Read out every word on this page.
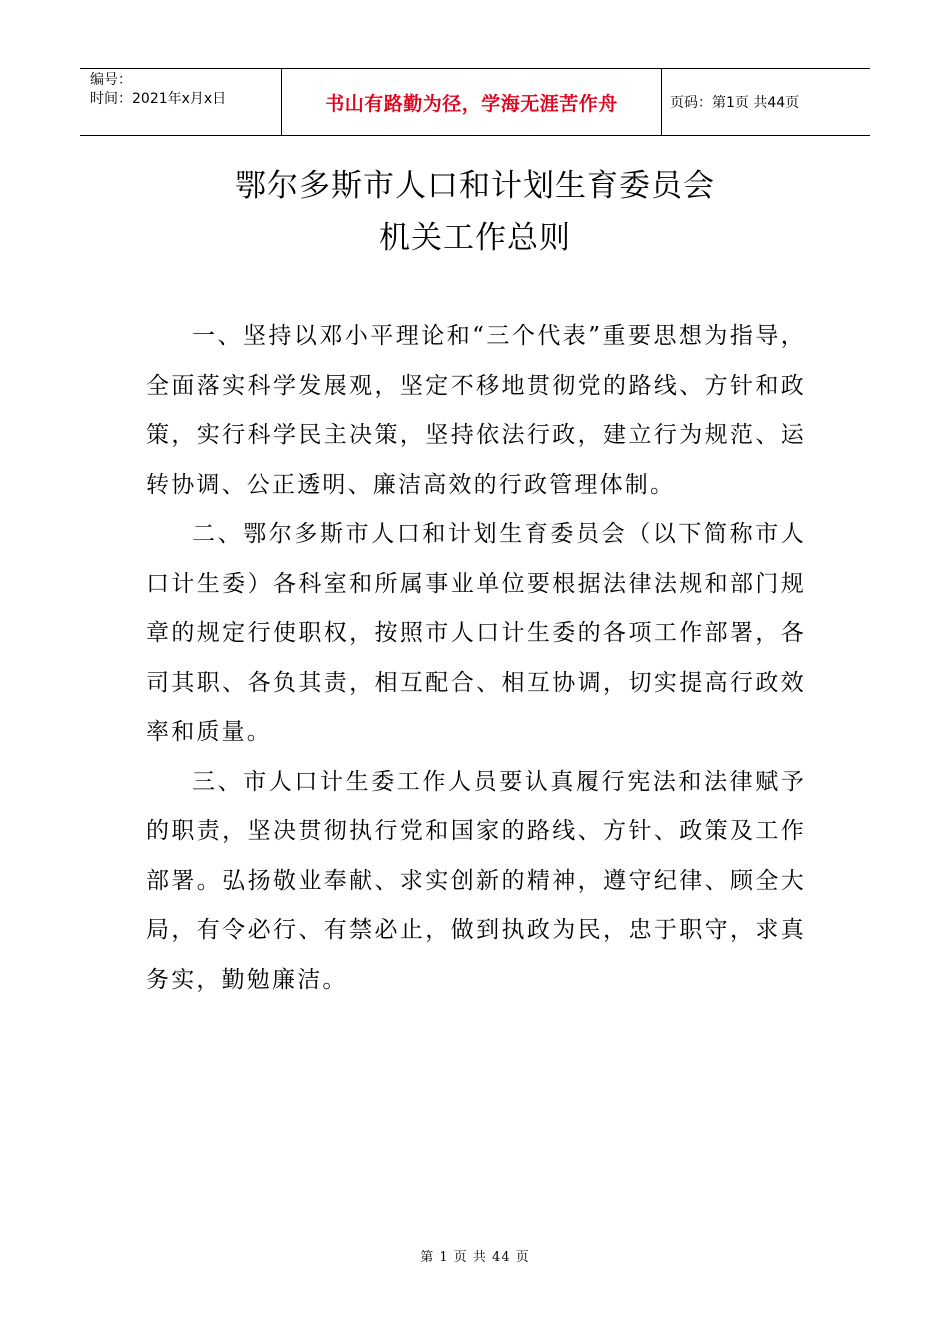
编号：
时间：2021年x月x日	书山有路勤为径，学海无涯苦作舟	页码：第1页 共44页
鄂尔多斯市人口和计划生育委员会
机关工作总则

一、坚持以邓小平理论和“三个代表”重要思想为指导，全面落实科学发展观，坚定不移地贯彻党的路线、方针和政策，实行科学民主决策，坚持依法行政，建立行为规范、运转协调、公正透明、廉洁高效的行政管理体制。

二、鄂尔多斯市人口和计划生育委员会（以下简称市人口计生委）各科室和所属事业单位要根据法律法规和部门规章的规定行使职权，按照市人口计生委的各项工作部署，各司其职、各负其责，相互配合、相互协调，切实提高行政效率和质量。

三、市人口计生委工作人员要认真履行宪法和法律赋予的职责，坚决贯彻执行党和国家的路线、方针、政策及工作部署。弘扬敬业奉献、求实创新的精神，遵守纪律、顾全大局，有令必行、有禁必止，做到执政为民，忠于职守，求真务实，勤勉廉洁。

第 1 页 共 44 页
